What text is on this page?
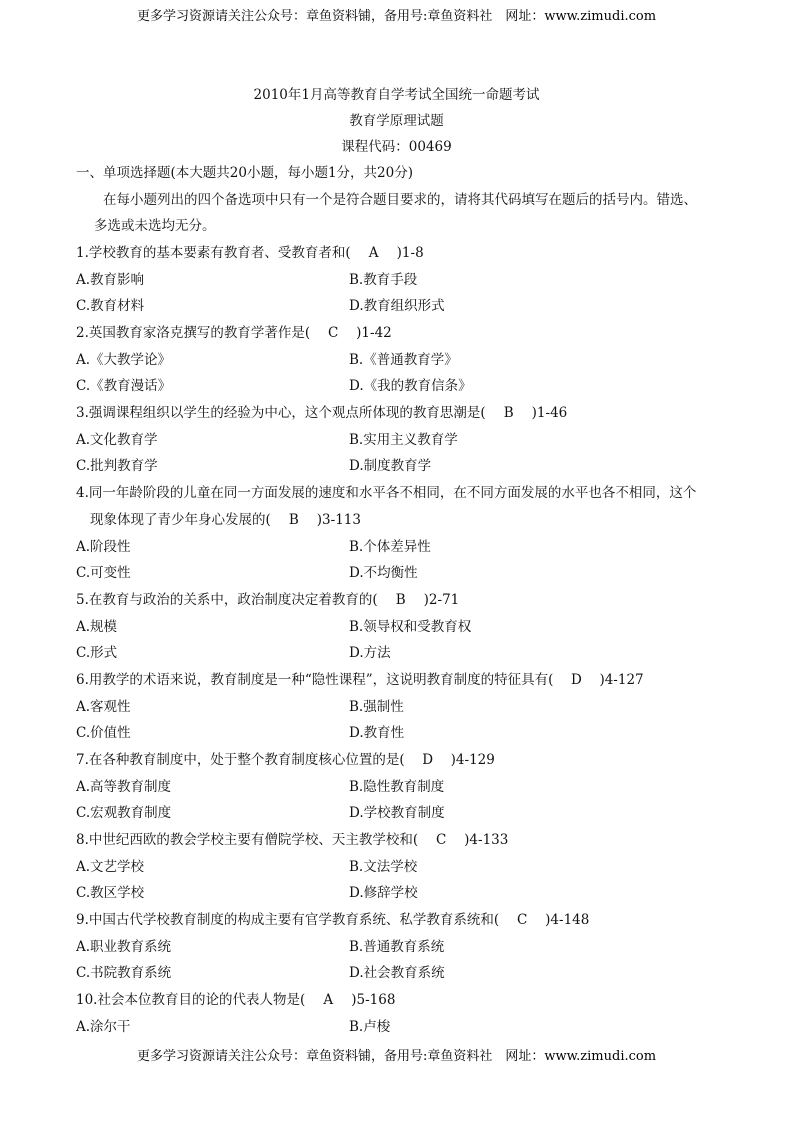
更多学习资源请关注公众号：章鱼资料铺，备用号:章鱼资料社　网址：www.zimudi.com
2010年1月高等教育自学考试全国统一命题考试
教育学原理试题
课程代码：00469
一、单项选择题(本大题共20小题，每小题1分，共20分)
在每小题列出的四个备选项中只有一个是符合题目要求的，请将其代码填写在题后的括号内。错选、
多选或未选均无分。
1.学校教育的基本要素有教育者、受教育者和( A )1-8
A.教育影响	B.教育手段
C.教育材料	D.教育组织形式
2.英国教育家洛克撰写的教育学著作是( C )1-42
A.《大教学论》	B.《普通教育学》
C.《教育漫话》	D.《我的教育信条》
3.强调课程组织以学生的经验为中心，这个观点所体现的教育思潮是( B )1-46
A.文化教育学	B.实用主义教育学
C.批判教育学	D.制度教育学
4.同一年龄阶段的儿童在同一方面发展的速度和水平各不相同，在不同方面发展的水平也各不相同，这个
现象体现了青少年身心发展的( B )3-113
A.阶段性	B.个体差异性
C.可变性	D.不均衡性
5.在教育与政治的关系中，政治制度决定着教育的( B )2-71
A.规模	B.领导权和受教育权
C.形式	D.方法
6.用教学的术语来说，教育制度是一种“隐性课程”，这说明教育制度的特征具有( D )4-127
A.客观性	B.强制性
C.价值性	D.教育性
7.在各种教育制度中，处于整个教育制度核心位置的是( D )4-129
A.高等教育制度	B.隐性教育制度
C.宏观教育制度	D.学校教育制度
8.中世纪西欧的教会学校主要有僧院学校、天主教学校和( C )4-133
A.文艺学校	B.文法学校
C.教区学校	D.修辞学校
9.中国古代学校教育制度的构成主要有官学教育系统、私学教育系统和( C )4-148
A.职业教育系统	B.普通教育系统
C.书院教育系统	D.社会教育系统
10.社会本位教育目的论的代表人物是( A )5-168
A.涂尔干	B.卢梭
更多学习资源请关注公众号：章鱼资料铺，备用号:章鱼资料社　网址：www.zimudi.com
